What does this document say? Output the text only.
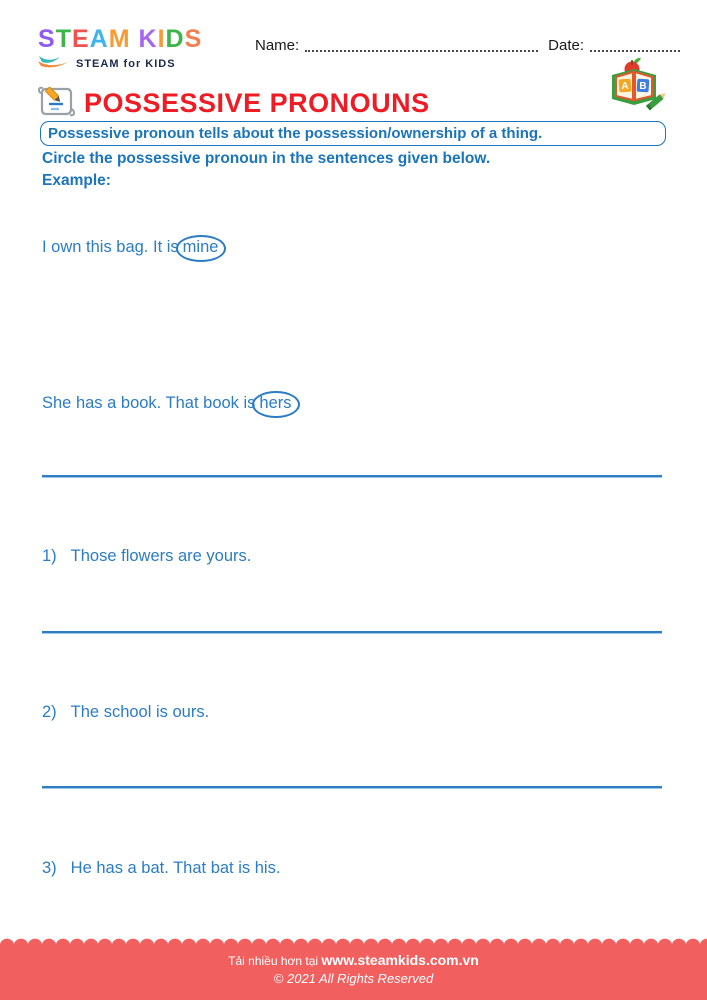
STEAM KIDS
STEAM for KIDS
Name:	Date:
A B
POSSESSIVE PRONOUNS
Possessive pronoun tells about the possession/ownership of a thing.
Circle the possessive pronoun in the sentences given below.
Example:
I own this bag. It is mine
She has a book. That book is hers
1) Those flowers are yours.
2) The school is ours.
3) He has a bat. That bat is his.
Tải nhiều hơn tại www.steamkids.com.vn
© 2021 All Rights Reserved
